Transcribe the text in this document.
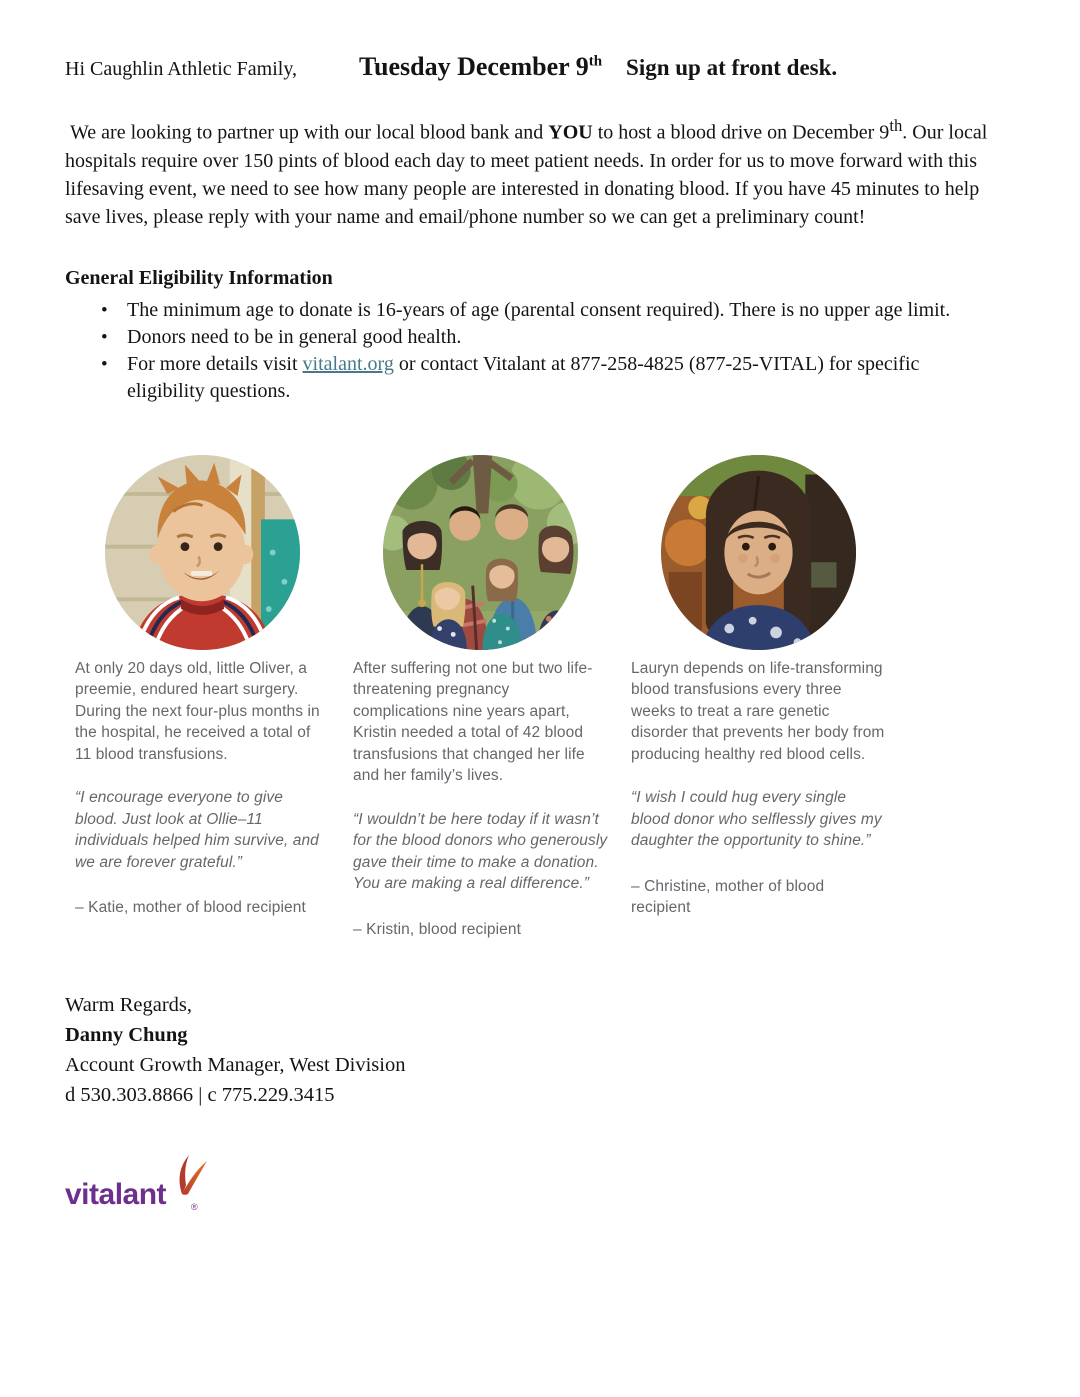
Hi Caughlin Athletic Family, Tuesday December 9th Sign up at front desk.

We are looking to partner up with our local blood bank and YOU to host a blood drive on December 9th. Our local hospitals require over 150 pints of blood each day to meet patient needs. In order for us to move forward with this lifesaving event, we need to see how many people are interested in donating blood. If you have 45 minutes to help save lives, please reply with your name and email/phone number so we can get a preliminary count!

General Eligibility Information
• The minimum age to donate is 16-years of age (parental consent required). There is no upper age limit.
• Donors need to be in general good health.
• For more details visit vitalant.org or contact Vitalant at 877-258-4825 (877-25-VITAL) for specific eligibility questions.

At only 20 days old, little Oliver, a preemie, endured heart surgery. During the next four-plus months in the hospital, he received a total of 11 blood transfusions.

“I encourage everyone to give blood. Just look at Ollie–11 individuals helped him survive, and we are forever grateful.”

– Katie, mother of blood recipient

After suffering not one but two life-threatening pregnancy complications nine years apart, Kristin needed a total of 42 blood transfusions that changed her life and her family’s lives.

“I wouldn’t be here today if it wasn’t for the blood donors who generously gave their time to make a donation. You are making a real difference.”

– Kristin, blood recipient

Lauryn depends on life-transforming blood transfusions every three weeks to treat a rare genetic disorder that prevents her body from producing healthy red blood cells.

“I wish I could hug every single blood donor who selflessly gives my daughter the opportunity to shine.”

– Christine, mother of blood recipient

Warm Regards,
Danny Chung
Account Growth Manager, West Division
d 530.303.8866 | c 775.229.3415
vitalant	®
